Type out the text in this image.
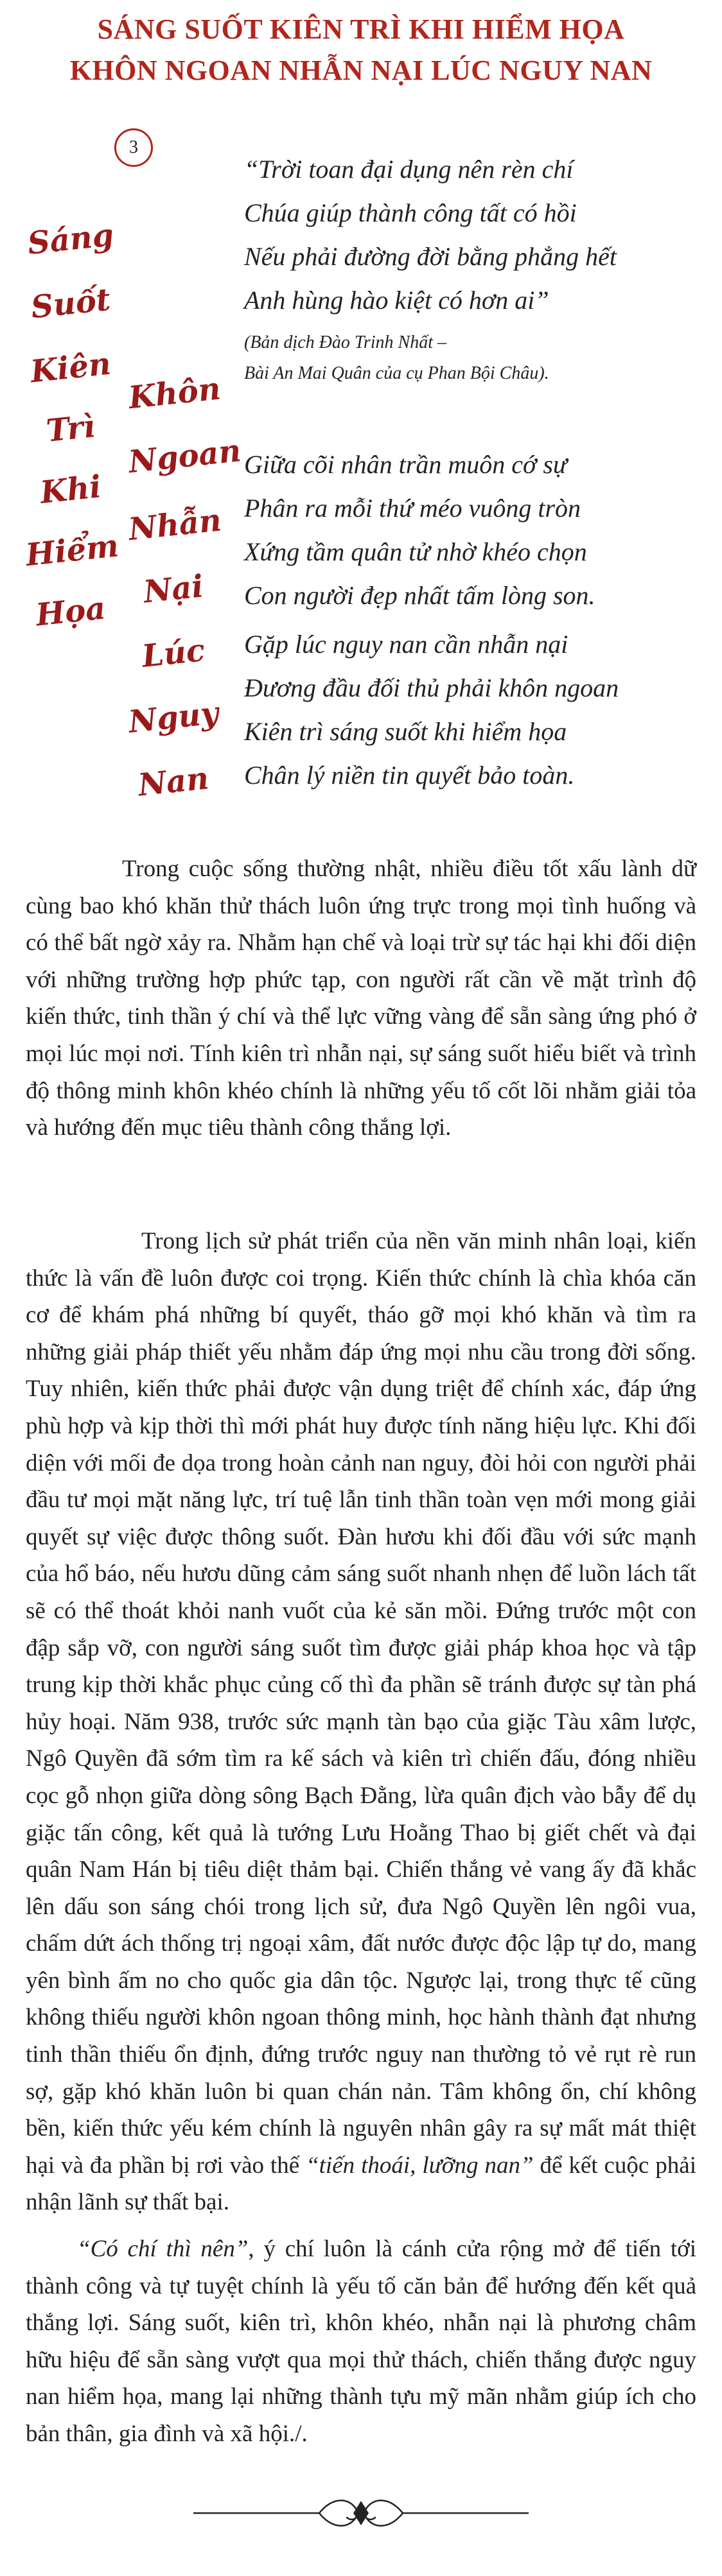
SÁNG SUỐT KIÊN TRÌ KHI HIỂM HỌA
KHÔN NGOAN NHẪN NẠI LÚC NGUY NAN
3
Sáng
Suốt
Kiên
Trì
Khi
Hiểm
Họa
Khôn
Ngoan
Nhẫn
Nại
Lúc
Nguy
Nan
“Trời toan đại dụng nên rèn chí
Chúa giúp thành công tất có hồi
Nếu phải đường đời bằng phẳng hết
Anh hùng hào kiệt có hơn ai”
(Bản dịch Đào Trinh Nhất –
Bài An Mai Quân của cụ Phan Bội Châu).
Giữa cõi nhân trần muôn cớ sự
Phân ra mỗi thứ méo vuông tròn
Xứng tầm quân tử nhờ khéo chọn
Con người đẹp nhất tấm lòng son.
Gặp lúc nguy nan cần nhẫn nại
Đương đầu đối thủ phải khôn ngoan
Kiên trì sáng suốt khi hiểm họa
Chân lý niền tin quyết bảo toàn.
Trong cuộc sống thường nhật, nhiều điều tốt xấu lành dữ cùng bao khó khăn thử thách luôn ứng trực trong mọi tình huống và có thể bất ngờ xảy ra. Nhằm hạn chế và loại trừ sự tác hại khi đối diện với những trường hợp phức tạp, con người rất cần về mặt trình độ kiến thức, tinh thần ý chí và thể lực vững vàng để sẵn sàng ứng phó ở mọi lúc mọi nơi. Tính kiên trì nhẫn nại, sự sáng suốt hiểu biết và trình độ thông minh khôn khéo chính là những yếu tố cốt lõi nhằm giải tỏa và hướng đến mục tiêu thành công thắng lợi.
Trong lịch sử phát triển của nền văn minh nhân loại, kiến thức là vấn đề luôn được coi trọng. Kiến thức chính là chìa khóa căn cơ để khám phá những bí quyết, tháo gỡ mọi khó khăn và tìm ra những giải pháp thiết yếu nhằm đáp ứng mọi nhu cầu trong đời sống. Tuy nhiên, kiến thức phải được vận dụng triệt để chính xác, đáp ứng phù hợp và kịp thời thì mới phát huy được tính năng hiệu lực. Khi đối diện với mối đe dọa trong hoàn cảnh nan nguy, đòi hỏi con người phải đầu tư mọi mặt năng lực, trí tuệ lẫn tinh thần toàn vẹn mới mong giải quyết sự việc được thông suốt. Đàn hươu khi đối đầu với sức mạnh của hổ báo, nếu hươu dũng cảm sáng suốt nhanh nhẹn để luồn lách tất sẽ có thể thoát khỏi nanh vuốt của kẻ săn mồi. Đứng trước một con đập sắp vỡ, con người sáng suốt tìm được giải pháp khoa học và tập trung kịp thời khắc phục củng cố thì đa phần sẽ tránh được sự tàn phá hủy hoại. Năm 938, trước sức mạnh tàn bạo của giặc Tàu xâm lược, Ngô Quyền đã sớm tìm ra kế sách và kiên trì chiến đấu, đóng nhiều cọc gỗ nhọn giữa dòng sông Bạch Đằng, lừa quân địch vào bẫy để dụ giặc tấn công, kết quả là tướng Lưu Hoằng Thao bị giết chết và đại quân Nam Hán bị tiêu diệt thảm bại. Chiến thắng vẻ vang ấy đã khắc lên dấu son sáng chói trong lịch sử, đưa Ngô Quyền lên ngôi vua, chấm dứt ách thống trị ngoại xâm, đất nước được độc lập tự do, mang yên bình ấm no cho quốc gia dân tộc. Ngược lại, trong thực tế cũng không thiếu người khôn ngoan thông minh, học hành thành đạt nhưng tinh thần thiếu ổn định, đứng trước nguy nan thường tỏ vẻ rụt rè run sợ, gặp khó khăn luôn bi quan chán nản. Tâm không ổn, chí không bền, kiến thức yếu kém chính là nguyên nhân gây ra sự mất mát thiệt hại và đa phần bị rơi vào thế “tiến thoái, lưỡng nan” để kết cuộc phải nhận lãnh sự thất bại.
“Có chí thì nên”, ý chí luôn là cánh cửa rộng mở để tiến tới thành công và tự tuyệt chính là yếu tố căn bản để hướng đến kết quả thắng lợi. Sáng suốt, kiên trì, khôn khéo, nhẫn nại là phương châm hữu hiệu để sẵn sàng vượt qua mọi thử thách, chiến thắng được nguy nan hiểm họa, mang lại những thành tựu mỹ mãn nhằm giúp ích cho bản thân, gia đình và xã hội./.
